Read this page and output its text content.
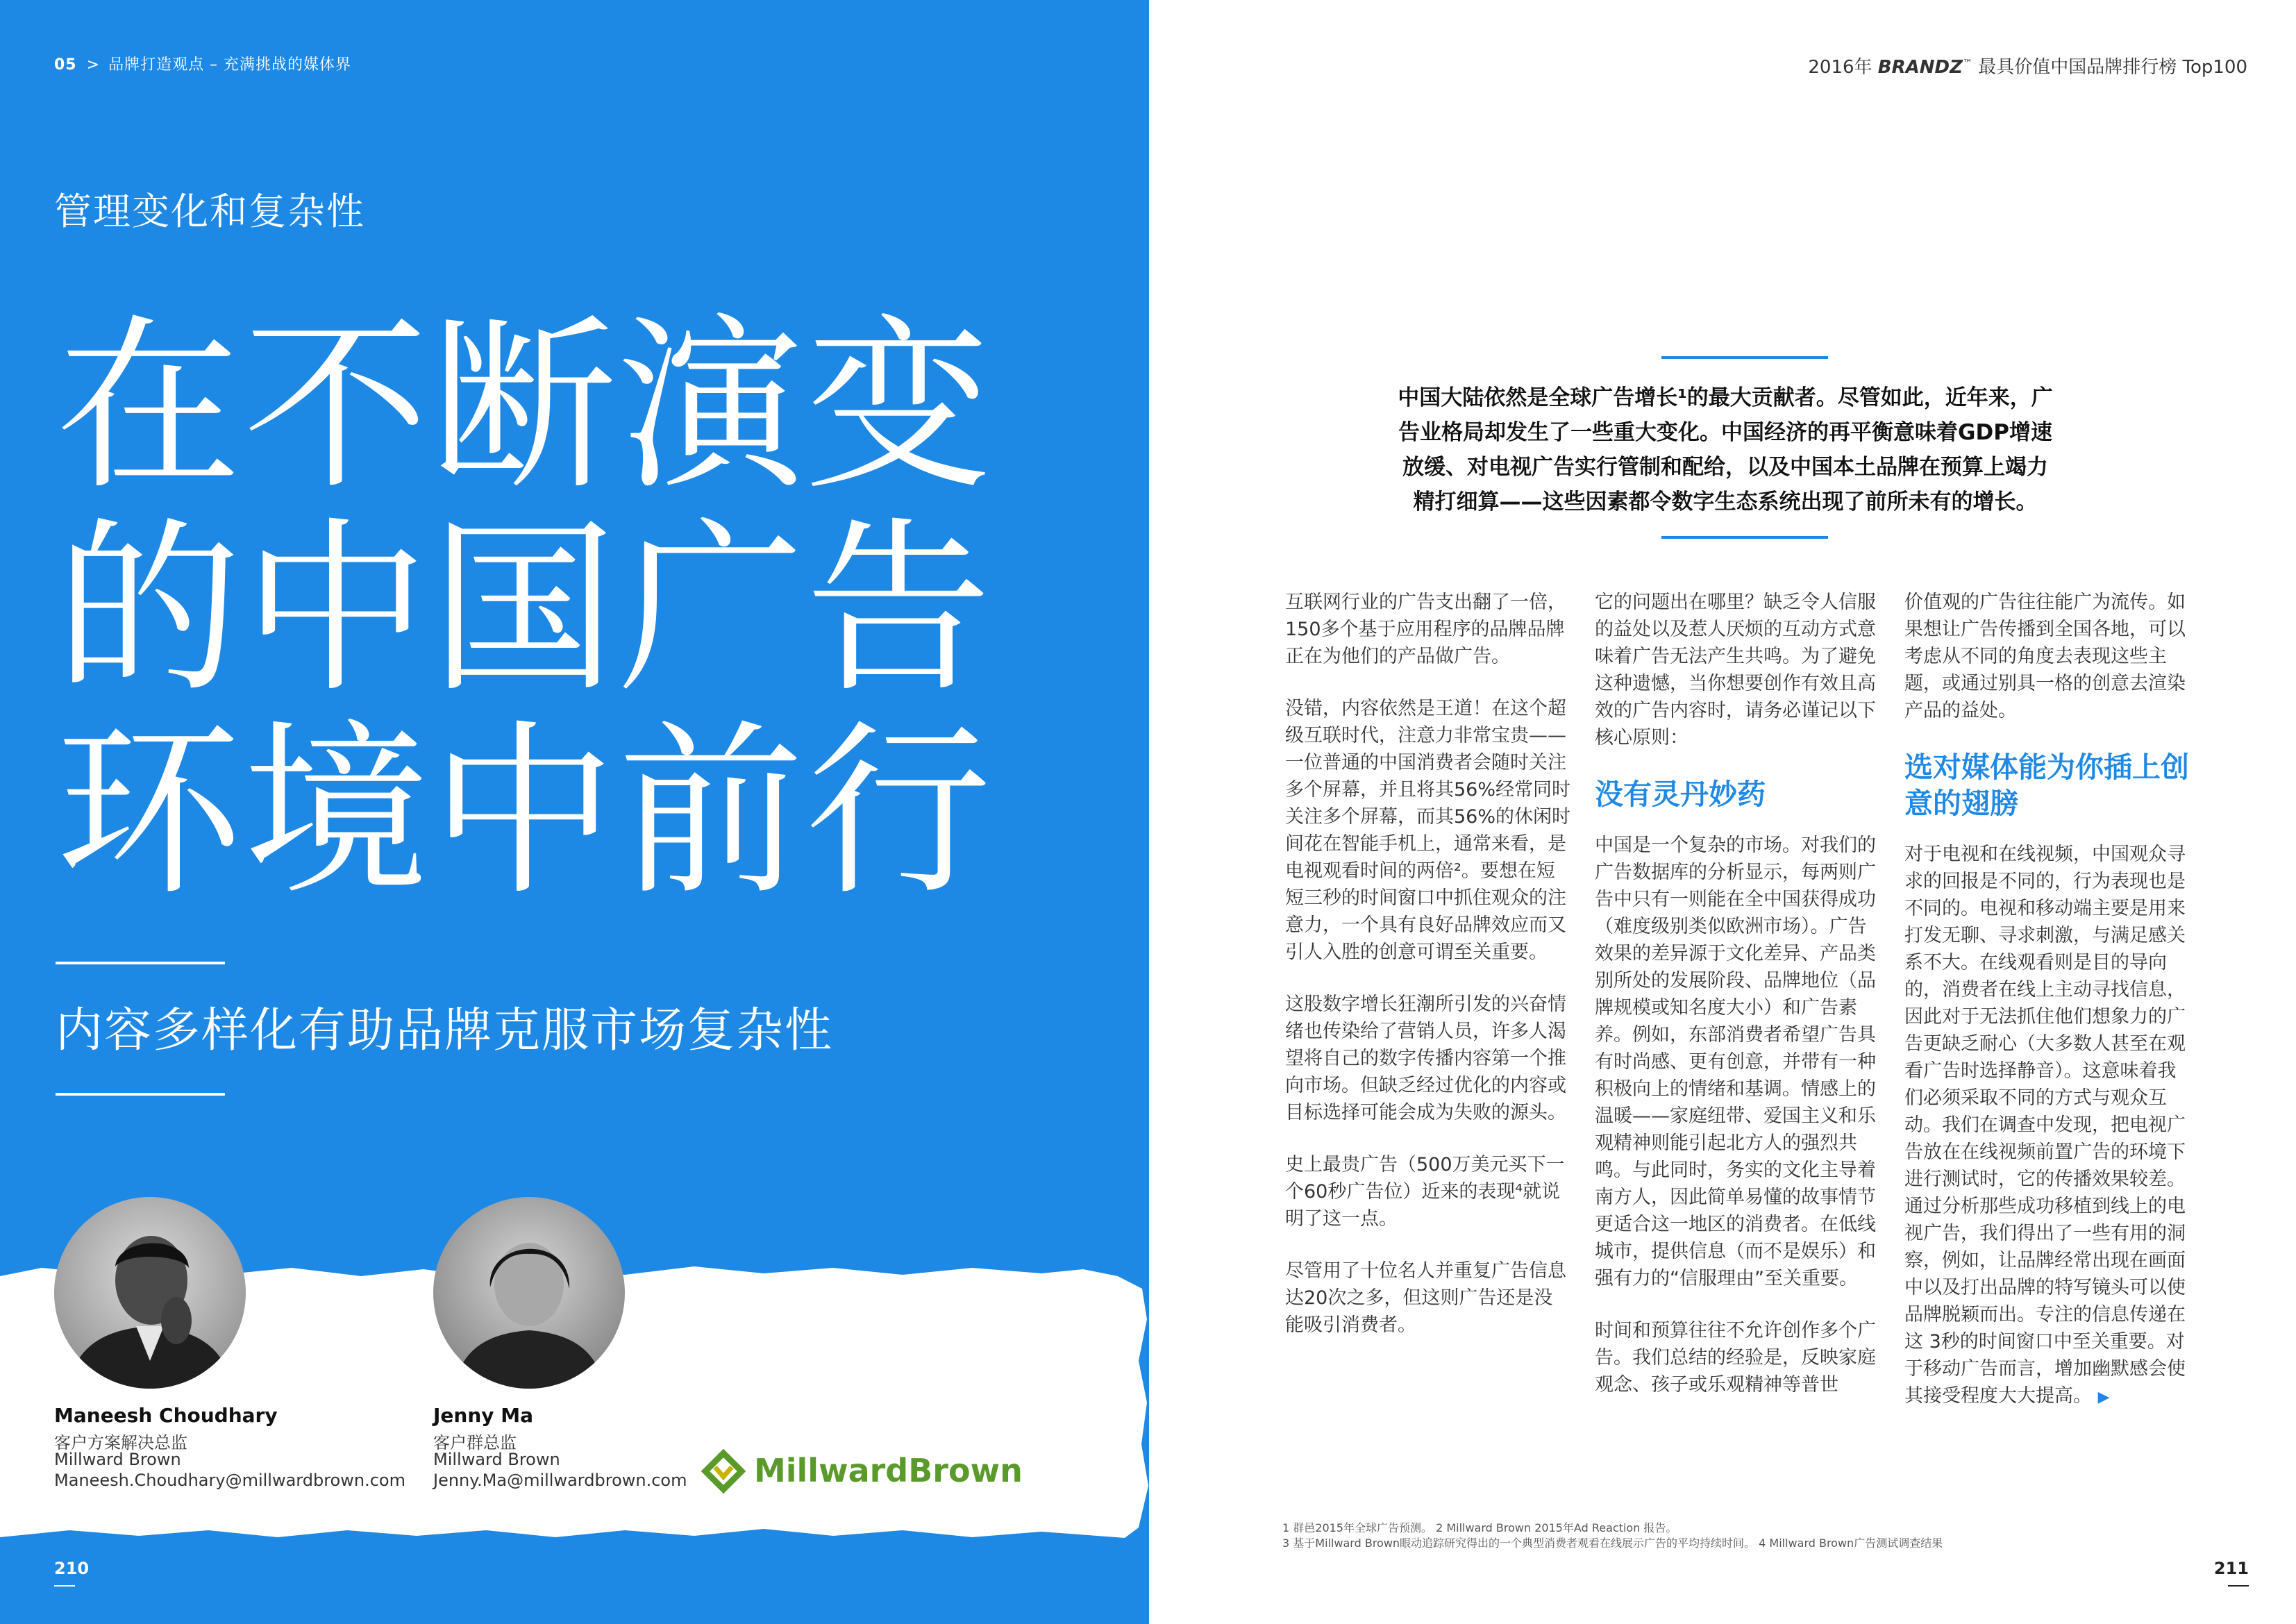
05 > 品牌打造观点 – 充满挑战的媒体界
管理变化和复杂性
在不断演变
的中国广告
环境中前行
内容多样化有助品牌克服市场复杂性
Maneesh Choudhary
客户方案解决总监
Millward Brown
Maneesh.Choudhary@millwardbrown.com
Jenny Ma
客户群总监
Millward Brown
Jenny.Ma@millwardbrown.com MillwardBrown
210
2016年 BRANDZ™ 最具价值中国品牌排行榜 Top100
中国大陆依然是全球广告增长¹的最大贡献者。尽管如此，近年来，广
告业格局却发生了一些重大变化。中国经济的再平衡意味着GDP增速
放缓、对电视广告实行管制和配给，以及中国本土品牌在预算上竭力
精打细算——这些因素都令数字生态系统出现了前所未有的增长。

互联网行业的广告支出翻了一倍，150多个基于应用程序的品牌品牌正在为他们的产品做广告。

没错，内容依然是王道！在这个超级互联时代，注意力非常宝贵——一位普通的中国消费者会随时关注多个屏幕，并且将其56%经常同时关注多个屏幕，而其56%的休闲时间花在智能手机上，通常来看，是电视观看时间的两倍²。要想在短短三秒的时间窗口中抓住观众的注意力，一个具有良好品牌效应而又引人入胜的创意可谓至关重要。

这股数字增长狂潮所引发的兴奋情绪也传染给了营销人员，许多人渴望将自己的数字传播内容第一个推向市场。但缺乏经过优化的内容或目标选择可能会成为失败的源头。

史上最贵广告（500万美元买下一个60秒广告位）近来的表现⁴就说明了这一点。

尽管用了十位名人并重复广告信息达20次之多，但这则广告还是没能吸引消费者。

它的问题出在哪里？缺乏令人信服的益处以及惹人厌烦的互动方式意味着广告无法产生共鸣。为了避免这种遗憾，当你想要创作有效且高效的广告内容时，请务必谨记以下核心原则：

没有灵丹妙药

中国是一个复杂的市场。对我们的广告数据库的分析显示，每两则广告中只有一则能在全中国获得成功（难度级别类似欧洲市场）。广告效果的差异源于文化差异、产品类别所处的发展阶段、品牌地位（品牌规模或知名度大小）和广告素养。例如，东部消费者希望广告具有时尚感、更有创意，并带有一种积极向上的情绪和基调。情感上的温暖——家庭纽带、爱国主义和乐观精神则能引起北方人的强烈共鸣。与此同时，务实的文化主导着南方人，因此简单易懂的故事情节更适合这一地区的消费者。在低线城市，提供信息（而不是娱乐）和强有力的“信服理由”至关重要。

时间和预算往往不允许创作多个广告。我们总结的经验是，反映家庭观念、孩子或乐观精神等普世

价值观的广告往往能广为流传。如果想让广告传播到全国各地，可以考虑从不同的角度去表现这些主题，或通过别具一格的创意去渲染产品的益处。

选对媒体能为你插上创意的翅膀

对于电视和在线视频，中国观众寻求的回报是不同的，行为表现也是不同的。电视和移动端主要是用来打发无聊、寻求刺激，与满足感关系不大。在线观看则是目的导向的，消费者在线上主动寻找信息，因此对于无法抓住他们想象力的广告更缺乏耐心（大多数人甚至在观看广告时选择静音）。这意味着我们必须采取不同的方式与观众互动。我们在调查中发现，把电视广告放在在线视频前置广告的环境下进行测试时，它的传播效果较差。通过分析那些成功移植到线上的电视广告，我们得出了一些有用的洞察，例如，让品牌经常出现在画面中以及打出品牌的特写镜头可以使品牌脱颖而出。专注的信息传递在这 3秒的时间窗口中至关重要。对于移动广告而言，增加幽默感会使其接受程度大大提高。 ▶

1 群邑2015年全球广告预测。 2 Millward Brown 2015年Ad Reaction 报告。
3 基于Millward Brown眼动追踪研究得出的一个典型消费者观看在线展示广告的平均持续时间。 4 Millward Brown广告测试调查结果
211
